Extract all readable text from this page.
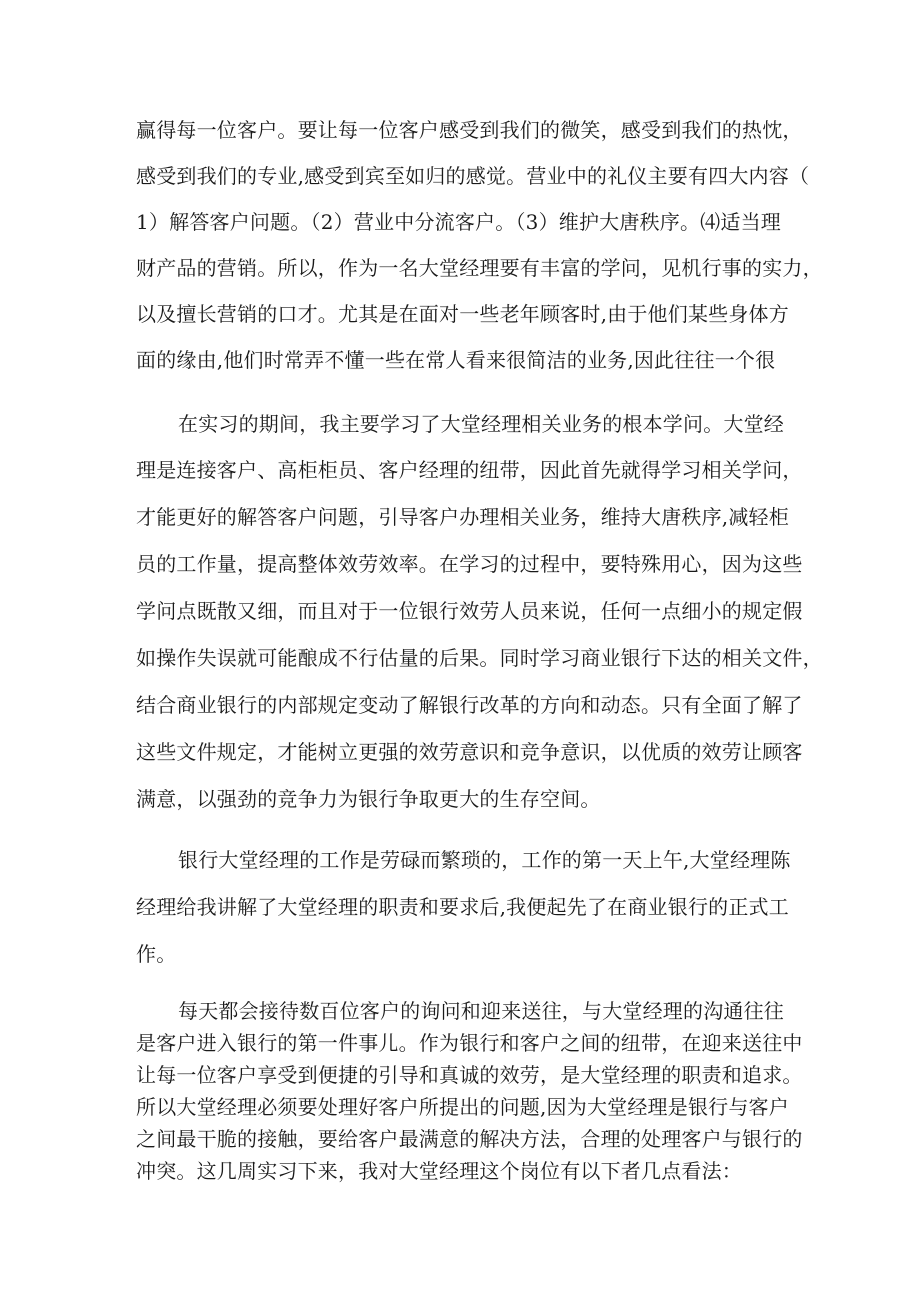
赢得每一位客户。要让每一位客户感受到我们的微笑，感受到我们的热忱，
感受到我们的专业,感受到宾至如归的感觉。营业中的礼仪主要有四大内容（
1）解答客户问题。（2）营业中分流客户。（3）维护大唐秩序。⑷适当理
财产品的营销。所以，作为一名大堂经理要有丰富的学问，见机行事的实力，
以及擅长营销的口才。尤其是在面对一些老年顾客时,由于他们某些身体方
面的缘由,他们时常弄不懂一些在常人看来很简洁的业务,因此往往一个很
在实习的期间，我主要学习了大堂经理相关业务的根本学问。大堂经
理是连接客户、高柜柜员、客户经理的纽带，因此首先就得学习相关学问，
才能更好的解答客户问题，引导客户办理相关业务，维持大唐秩序,减轻柜
员的工作量，提高整体效劳效率。在学习的过程中，要特殊用心，因为这些
学问点既散又细，而且对于一位银行效劳人员来说，任何一点细小的规定假
如操作失误就可能酿成不行估量的后果。同时学习商业银行下达的相关文件，
结合商业银行的内部规定变动了解银行改革的方向和动态。只有全面了解了
这些文件规定，才能树立更强的效劳意识和竞争意识，以优质的效劳让顾客
满意，以强劲的竞争力为银行争取更大的生存空间。
银行大堂经理的工作是劳碌而繁琐的，工作的第一天上午,大堂经理陈
经理给我讲解了大堂经理的职责和要求后,我便起先了在商业银行的正式工
作。
每天都会接待数百位客户的询问和迎来送往，与大堂经理的沟通往往
是客户进入银行的第一件事儿。作为银行和客户之间的纽带，在迎来送往中
让每一位客户享受到便捷的引导和真诚的效劳，是大堂经理的职责和追求。
所以大堂经理必须要处理好客户所提出的问题,因为大堂经理是银行与客户
之间最干脆的接触，要给客户最满意的解决方法，合理的处理客户与银行的
冲突。这几周实习下来，我对大堂经理这个岗位有以下者几点看法：
